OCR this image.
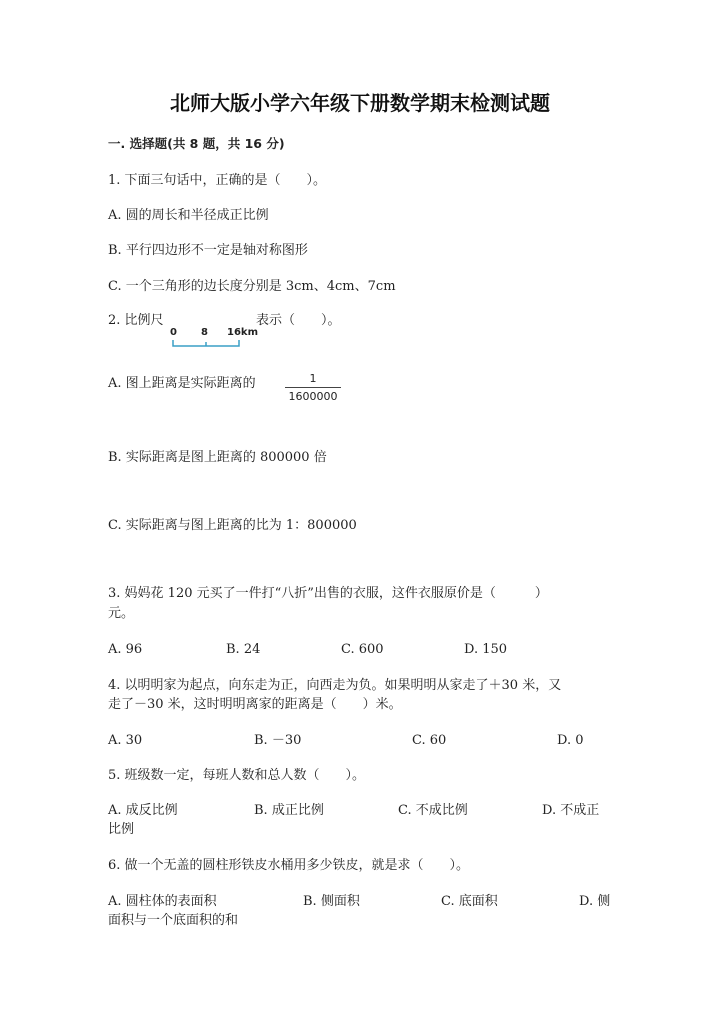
北师大版小学六年级下册数学期末检测试题
一. 选择题(共 8 题，共 16 分)
1. 下面三句话中，正确的是（　　）。
A. 圆的周长和半径成正比例
B. 平行四边形不一定是轴对称图形
C. 一个三角形的边长度分别是 3cm、4cm、7cm
2. 比例尺
0 8 16km
表示（　　）。
A. 图上距离是实际距离的	1
1600000
B. 实际距离是图上距离的 800000 倍
C. 实际距离与图上距离的比为 1：800000
3. 妈妈花 120 元买了一件打“八折”出售的衣服，这件衣服原价是（　　　）
元。
A. 96	B. 24	C. 600	D. 150
4. 以明明家为起点，向东走为正，向西走为负。如果明明从家走了＋30 米，又
走了－30 米，这时明明离家的距离是（　　）米。
A. 30	B. －30	C. 60	D. 0
5. 班级数一定，每班人数和总人数（　　）。
A. 成反比例	B. 成正比例	C. 不成比例	D. 不成正
比例
6. 做一个无盖的圆柱形铁皮水桶用多少铁皮，就是求（　　）。
A. 圆柱体的表面积	B. 侧面积	C. 底面积	D. 侧
面积与一个底面积的和
